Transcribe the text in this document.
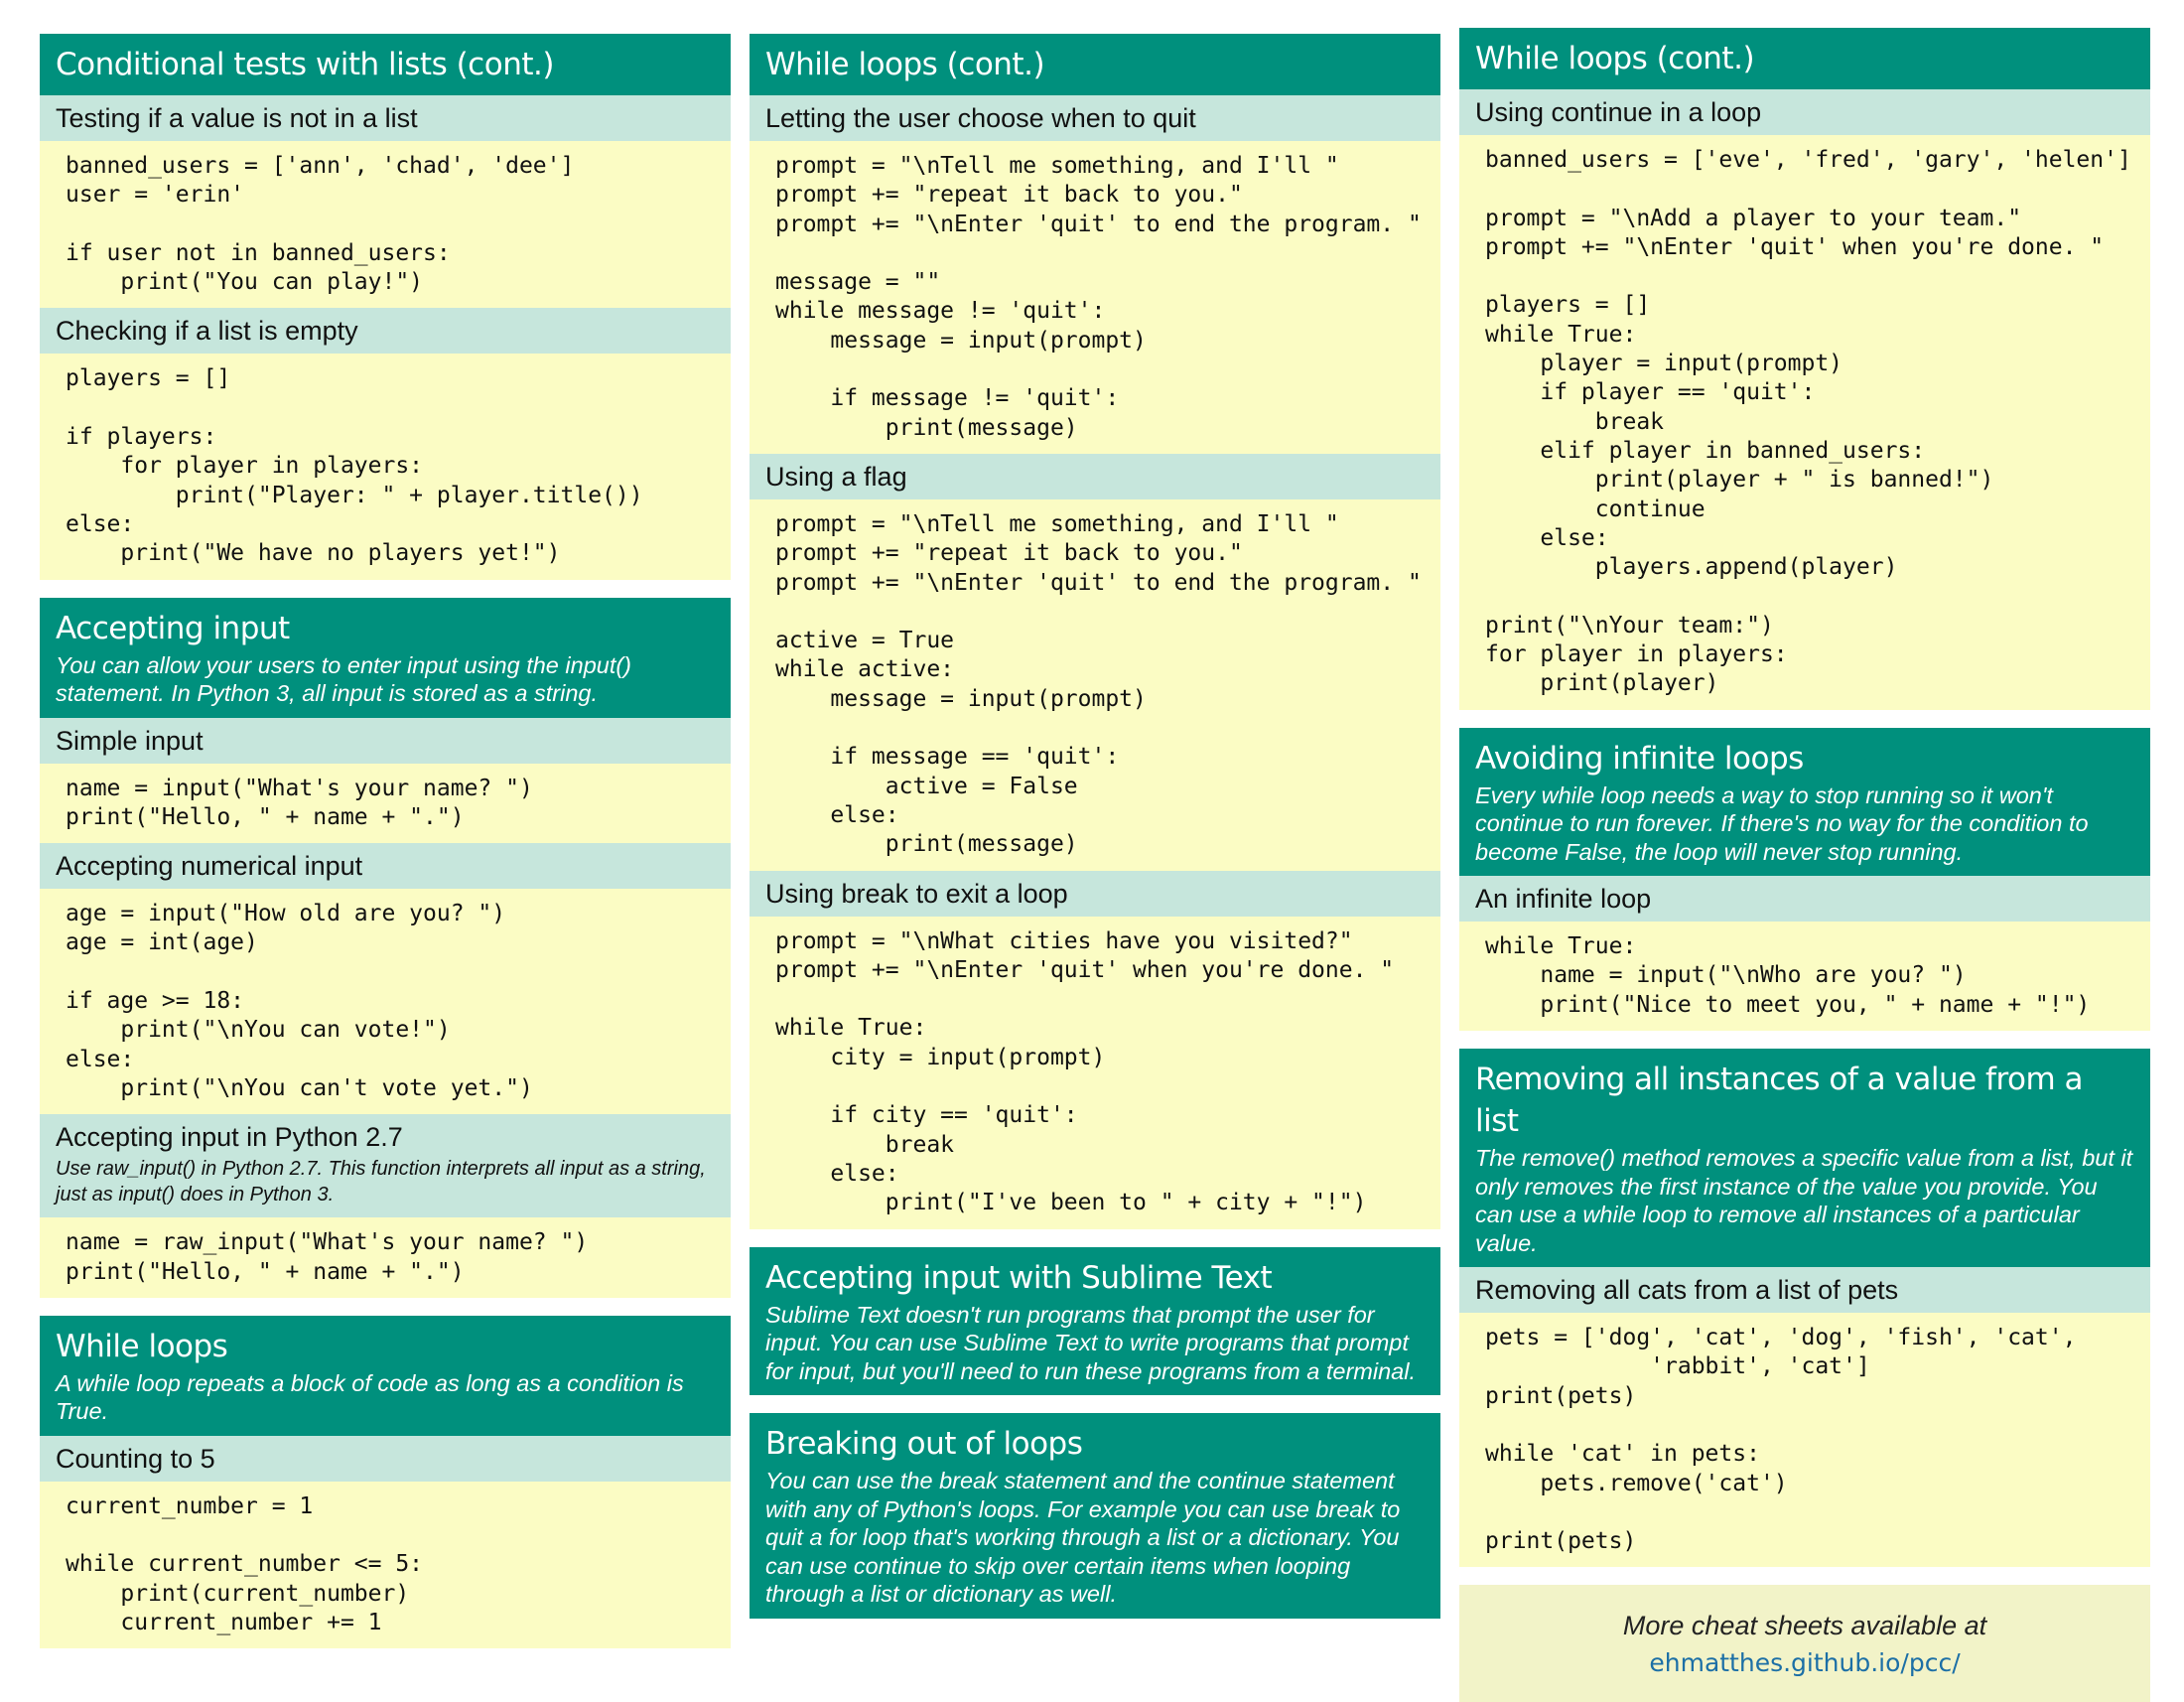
Conditional tests with lists (cont.)
Testing if a value is not in a list
banned_users = ['ann', 'chad', 'dee']
user = 'erin'

if user not in banned_users:
print("You can play!")
Checking if a list is empty
players = []

if players:
for player in players:
print("Player: " + player.title())
else:
print("We have no players yet!")
Accepting input
You can allow your users to enter input using the input() statement. In Python 3, all input is stored as a string.
Simple input
name = input("What's your name? ")
print("Hello, " + name + ".")
Accepting numerical input
age = input("How old are you? ")
age = int(age)

if age >= 18:
print("\nYou can vote!")
else:
print("\nYou can't vote yet.")
Accepting input in Python 2.7
Use raw_input() in Python 2.7. This function interprets all input as a string, just as input() does in Python 3.
name = raw_input("What's your name? ")
print("Hello, " + name + ".")
While loops
A while loop repeats a block of code as long as a condition is True.
Counting to 5
current_number = 1

while current_number <= 5:
print(current_number)
current_number += 1

While loops (cont.)
Letting the user choose when to quit
prompt = "\nTell me something, and I'll "
prompt += "repeat it back to you."
prompt += "\nEnter 'quit' to end the program. "

message = ""
while message != 'quit':
message = input(prompt)

if message != 'quit':
print(message)
Using a flag
prompt = "\nTell me something, and I'll "
prompt += "repeat it back to you."
prompt += "\nEnter 'quit' to end the program. "

active = True
while active:
message = input(prompt)

if message == 'quit':
active = False
else:
print(message)
Using break to exit a loop
prompt = "\nWhat cities have you visited?"
prompt += "\nEnter 'quit' when you're done. "

while True:
city = input(prompt)

if city == 'quit':
break
else:
print("I've been to " + city + "!")
Accepting input with Sublime Text
Sublime Text doesn't run programs that prompt the user for input. You can use Sublime Text to write programs that prompt for input, but you'll need to run these programs from a terminal.
Breaking out of loops
You can use the break statement and the continue statement with any of Python's loops. For example you can use break to quit a for loop that's working through a list or a dictionary. You can use continue to skip over certain items when looping through a list or dictionary as well.
While loops (cont.)
Using continue in a loop
banned_users = ['eve', 'fred', 'gary', 'helen']

prompt = "\nAdd a player to your team."
prompt += "\nEnter 'quit' when you're done. "

players = []
while True:
player = input(prompt)
if player == 'quit':
break
elif player in banned_users:
print(player + " is banned!")
continue
else:
players.append(player)

print("\nYour team:")
for player in players:
print(player)
Avoiding infinite loops
Every while loop needs a way to stop running so it won't continue to run forever. If there's no way for the condition to become False, the loop will never stop running.
An infinite loop
while True:
name = input("\nWho are you? ")
print("Nice to meet you, " + name + "!")
Removing all instances of a value from a list
The remove() method removes a specific value from a list, but it only removes the first instance of the value you provide. You can use a while loop to remove all instances of a particular value.
Removing all cats from a list of pets
pets = ['dog', 'cat', 'dog', 'fish', 'cat',
'rabbit', 'cat']
print(pets)

while 'cat' in pets:
pets.remove('cat')

print(pets)

More cheat sheets available at
ehmatthes.github.io/pcc/
